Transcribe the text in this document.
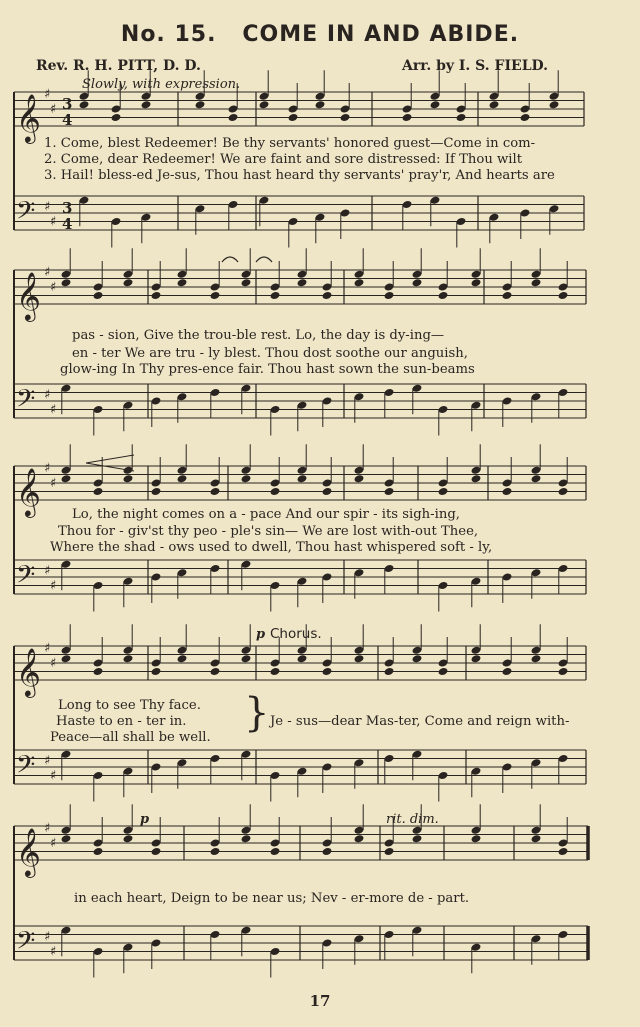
No. 15. COME IN AND ABIDE.
Rev. R. H. PITT, D. D.	Arr. by I. S. FIELD.
Slowly, with expression.
𝄞 ♯
♯ 3
4
𝄢 ♯
♯
3
4
𝄞 ♯
♯
𝄢 ♯
♯
𝄞 ♯
♯
𝄢 ♯
♯
𝄞 ♯
♯
𝄢 ♯
♯
𝄞 ♯
♯
𝄢 ♯
♯
1. Come, blest Redeemer! Be thy servants' honored guest—Come in com-
2. Come, dear Redeemer! We are faint and sore distressed: If Thou wilt
3. Hail! bless-ed Je-sus, Thou hast heard thy servants' pray'r, And hearts are
pas - sion, Give the trou-ble rest. Lo, the day is dy-ing—
en - ter We are tru - ly blest. Thou dost soothe our anguish,
glow-ing In Thy pres-ence fair. Thou hast sown the sun-beams
Lo, the night comes on a - pace And our spir - its sigh-ing,
Thou for - giv'st thy peo - ple's sin— We are lost with-out Thee,
Where the shad - ows used to dwell, Thou hast whispered soft - ly,
p Chorus.
Long to see Thy face.
Haste to en - ter in.
Peace—all shall be well.
} Je - sus—dear Mas-ter, Come and reign with-
p	rit. dim.
in each heart, Deign to be near us; Nev - er-more de - part.
17
